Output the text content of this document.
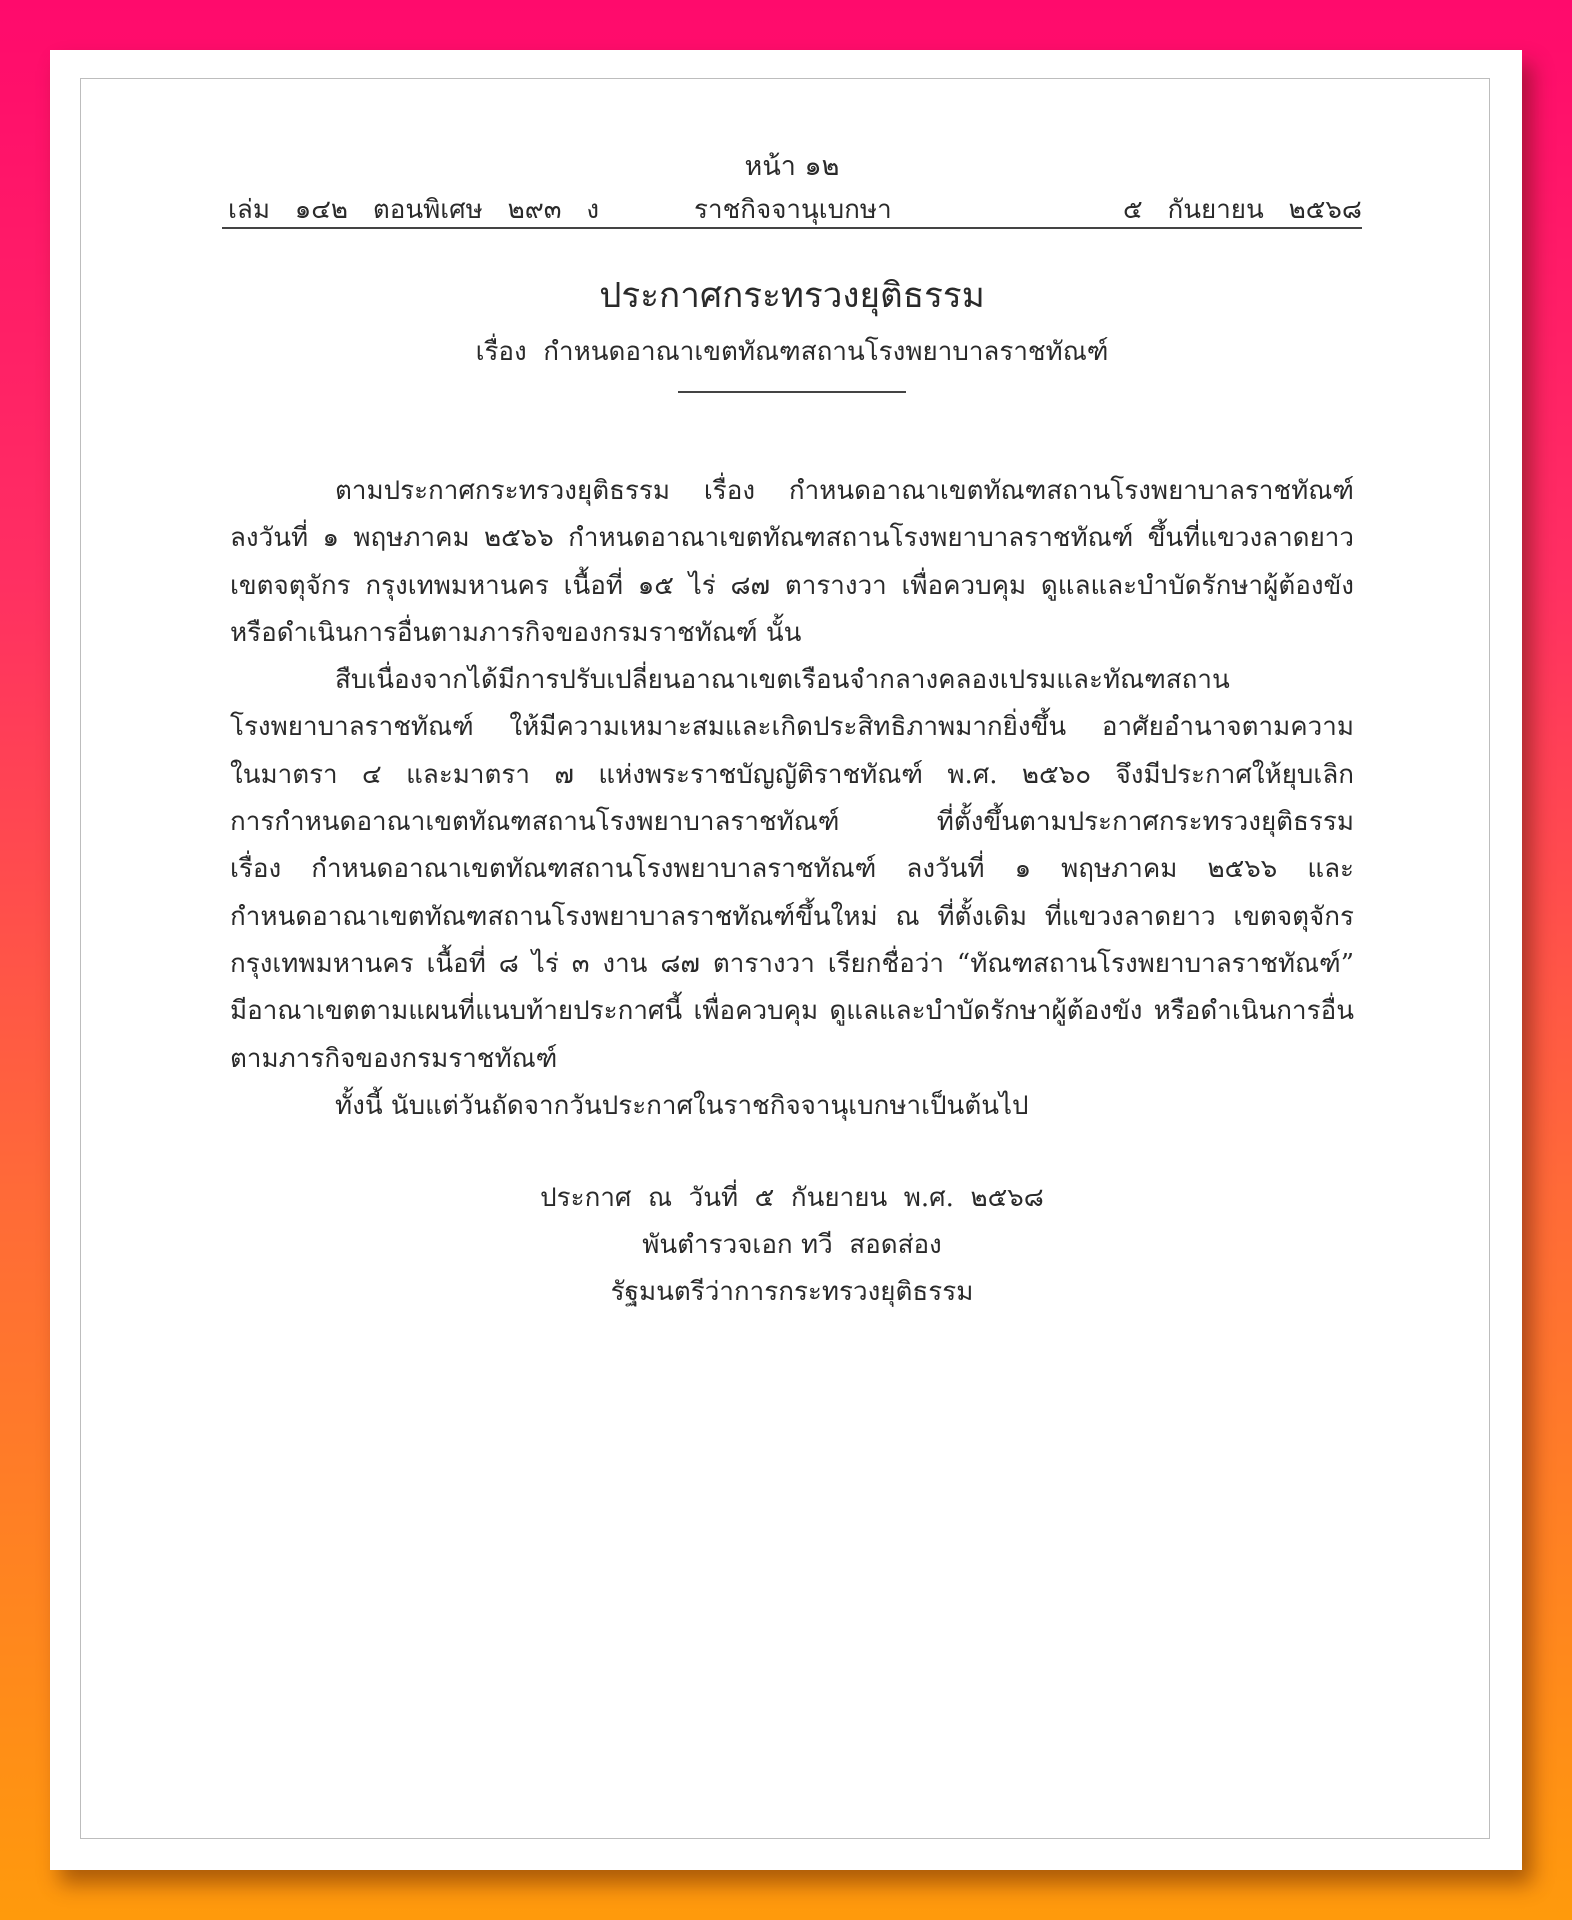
หน้า ๑๒
เล่ม   ๑๔๒   ตอนพิเศษ   ๒๙๓   ง	ราชกิจจานุเบกษา	๕   กันยายน   ๒๕๖๘
ประกาศกระทรวงยุติธรรม
เรื่อง  กำหนดอาณาเขตทัณฑสถานโรงพยาบาลราชทัณฑ์
ตามประกาศกระทรวงยุติธรรม เรื่อง กำหนดอาณาเขตทัณฑสถานโรงพยาบาลราชทัณฑ์
ลงวันที่ ๑ พฤษภาคม ๒๕๖๖ กำหนดอาณาเขตทัณฑสถานโรงพยาบาลราชทัณฑ์ ขึ้นที่แขวงลาดยาว
เขตจตุจักร กรุงเทพมหานคร เนื้อที่ ๑๕ ไร่ ๘๗ ตารางวา เพื่อควบคุม ดูแลและบำบัดรักษาผู้ต้องขัง
หรือดำเนินการอื่นตามภารกิจของกรมราชทัณฑ์ นั้น
สืบเนื่องจากได้มีการปรับเปลี่ยนอาณาเขตเรือนจำกลางคลองเปรมและทัณฑสถาน
โรงพยาบาลราชทัณฑ์ ให้มีความเหมาะสมและเกิดประสิทธิภาพมากยิ่งขึ้น อาศัยอำนาจตามความ
ในมาตรา ๔ และมาตรา ๗ แห่งพระราชบัญญัติราชทัณฑ์ พ.ศ. ๒๕๖๐ จึงมีประกาศให้ยุบเลิก
การกำหนดอาณาเขตทัณฑสถานโรงพยาบาลราชทัณฑ์ ที่ตั้งขึ้นตามประกาศกระทรวงยุติธรรม
เรื่อง กำหนดอาณาเขตทัณฑสถานโรงพยาบาลราชทัณฑ์ ลงวันที่ ๑ พฤษภาคม ๒๕๖๖ และ
กำหนดอาณาเขตทัณฑสถานโรงพยาบาลราชทัณฑ์ขึ้นใหม่ ณ ที่ตั้งเดิม ที่แขวงลาดยาว เขตจตุจักร
กรุงเทพมหานคร เนื้อที่ ๘ ไร่ ๓ งาน ๘๗ ตารางวา เรียกชื่อว่า “ทัณฑสถานโรงพยาบาลราชทัณฑ์”
มีอาณาเขตตามแผนที่แนบท้ายประกาศนี้ เพื่อควบคุม ดูแลและบำบัดรักษาผู้ต้องขัง หรือดำเนินการอื่น
ตามภารกิจของกรมราชทัณฑ์
ทั้งนี้ นับแต่วันถัดจากวันประกาศในราชกิจจานุเบกษาเป็นต้นไป
ประกาศ  ณ  วันที่  ๕  กันยายน  พ.ศ.  ๒๕๖๘
พันตำรวจเอก ทวี  สอดส่อง
รัฐมนตรีว่าการกระทรวงยุติธรรม
